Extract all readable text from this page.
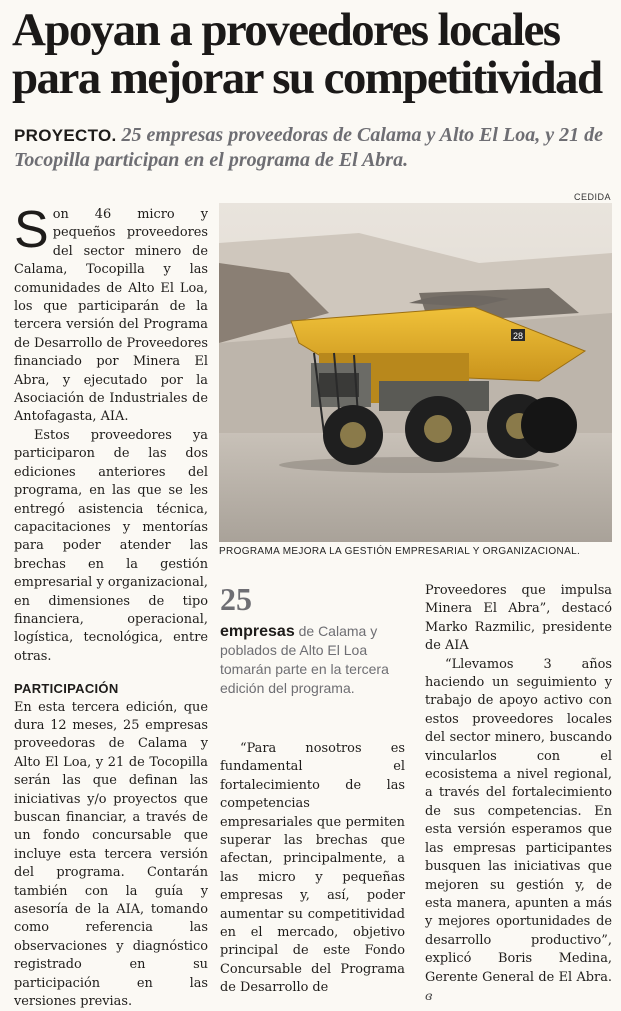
Apoyan a proveedores locales para mejorar su competitividad
PROYECTO. 25 empresas proveedoras de Calama y Alto El Loa, y 21 de Tocopilla participan en el programa de El Abra.
CEDIDA
28
PROGRAMA MEJORA LA GESTIÓN EMPRESARIAL Y ORGANIZACIONAL.
S on 46 micro y pequeños proveedores del sector minero de Calama, Tocopilla y las comunidades de Alto El Loa, los que participarán de la tercera versión del Programa de Desarrollo de Proveedores financiado por Minera El Abra, y ejecutado por la Asociación de Industriales de Antofagasta, AIA.

Estos proveedores ya participaron de las dos ediciones anteriores del programa, en las que se les entregó asistencia técnica, capacitaciones y mentorías para poder atender las brechas en la gestión empresarial y organizacional, en dimensiones de tipo financiera, operacional, logística, tecnológica, entre otras.

PARTICIPACIÓN

En esta tercera edición, que dura 12 meses, 25 empresas proveedoras de Calama y Alto El Loa, y 21 de Tocopilla serán las que definan las iniciativas y/o proyectos que buscan financiar, a través de un fondo concursable que incluye esta tercera versión del programa. Contarán también con la guía y asesoría de la AIA, tomando como referencia las observaciones y diagnóstico registrado en su participación en las versiones previas.

25
empresas de Calama y poblados de Alto El Loa tomarán parte en la tercera edición del programa.

“Para nosotros es fundamental el fortalecimiento de las competencias empresariales que permiten superar las brechas que afectan, principalmente, a las micro y pequeñas empresas y, así, poder aumentar su competitividad en el mercado, objetivo principal de este Fondo Concursable del Programa de Desarrollo de

Proveedores que impulsa Minera El Abra”, destacó Marko Razmilic, presidente de AIA

“Llevamos 3 años haciendo un seguimiento y trabajo de apoyo activo con estos proveedores locales del sector minero, buscando vincularlos con el ecosistema a nivel regional, a través del fortalecimiento de sus competencias. En esta versión esperamos que las empresas participantes busquen las iniciativas que mejoren su gestión y, de esta manera, apunten a más y mejores oportunidades de desarrollo productivo”, explicó Boris Medina, Gerente General de El Abra. ɞ
